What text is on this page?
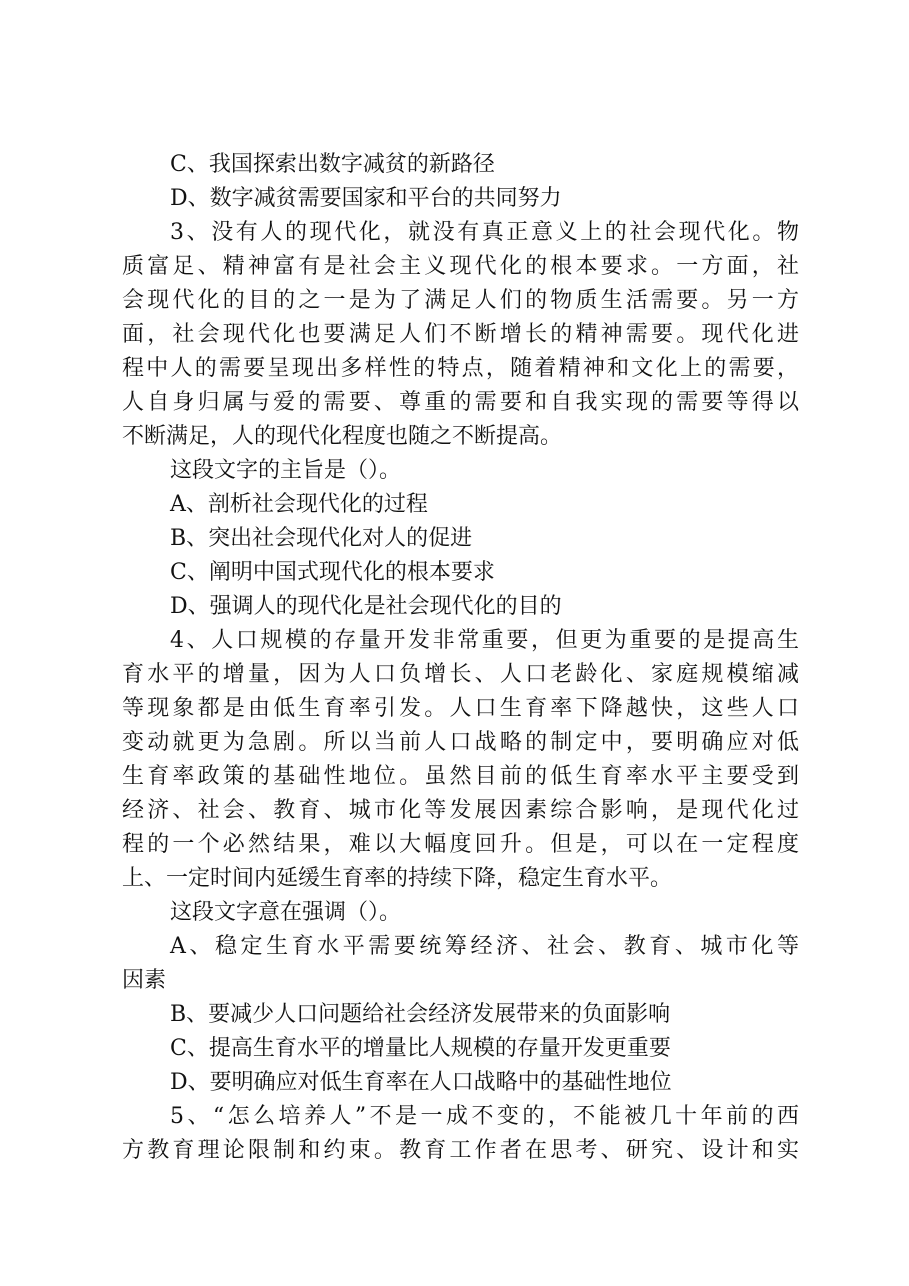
C、我国探索出数字减贫的新路径
D、数字减贫需要国家和平台的共同努力
3、没有人的现代化，就没有真正意义上的社会现代化。物
质富足、精神富有是社会主义现代化的根本要求。一方面，社
会现代化的目的之一是为了满足人们的物质生活需要。另一方
面，社会现代化也要满足人们不断增长的精神需要。现代化进
程中人的需要呈现出多样性的特点，随着精神和文化上的需要，
人自身归属与爱的需要、尊重的需要和自我实现的需要等得以
不断满足，人的现代化程度也随之不断提高。
这段文字的主旨是（）。
A、剖析社会现代化的过程
B、突出社会现代化对人的促进
C、阐明中国式现代化的根本要求
D、强调人的现代化是社会现代化的目的
4、人口规模的存量开发非常重要，但更为重要的是提高生
育水平的增量，因为人口负增长、人口老龄化、家庭规模缩减
等现象都是由低生育率引发。人口生育率下降越快，这些人口
变动就更为急剧。所以当前人口战略的制定中，要明确应对低
生育率政策的基础性地位。虽然目前的低生育率水平主要受到
经济、社会、教育、城市化等发展因素综合影响，是现代化过
程的一个必然结果，难以大幅度回升。但是，可以在一定程度
上、一定时间内延缓生育率的持续下降，稳定生育水平。
这段文字意在强调（）。
A、稳定生育水平需要统筹经济、社会、教育、城市化等
因素
B、要减少人口问题给社会经济发展带来的负面影响
C、提高生育水平的增量比人规模的存量开发更重要
D、要明确应对低生育率在人口战略中的基础性地位
5、“怎么培养人”不是一成不变的，不能被几十年前的西
方教育理论限制和约束。教育工作者在思考、研究、设计和实
